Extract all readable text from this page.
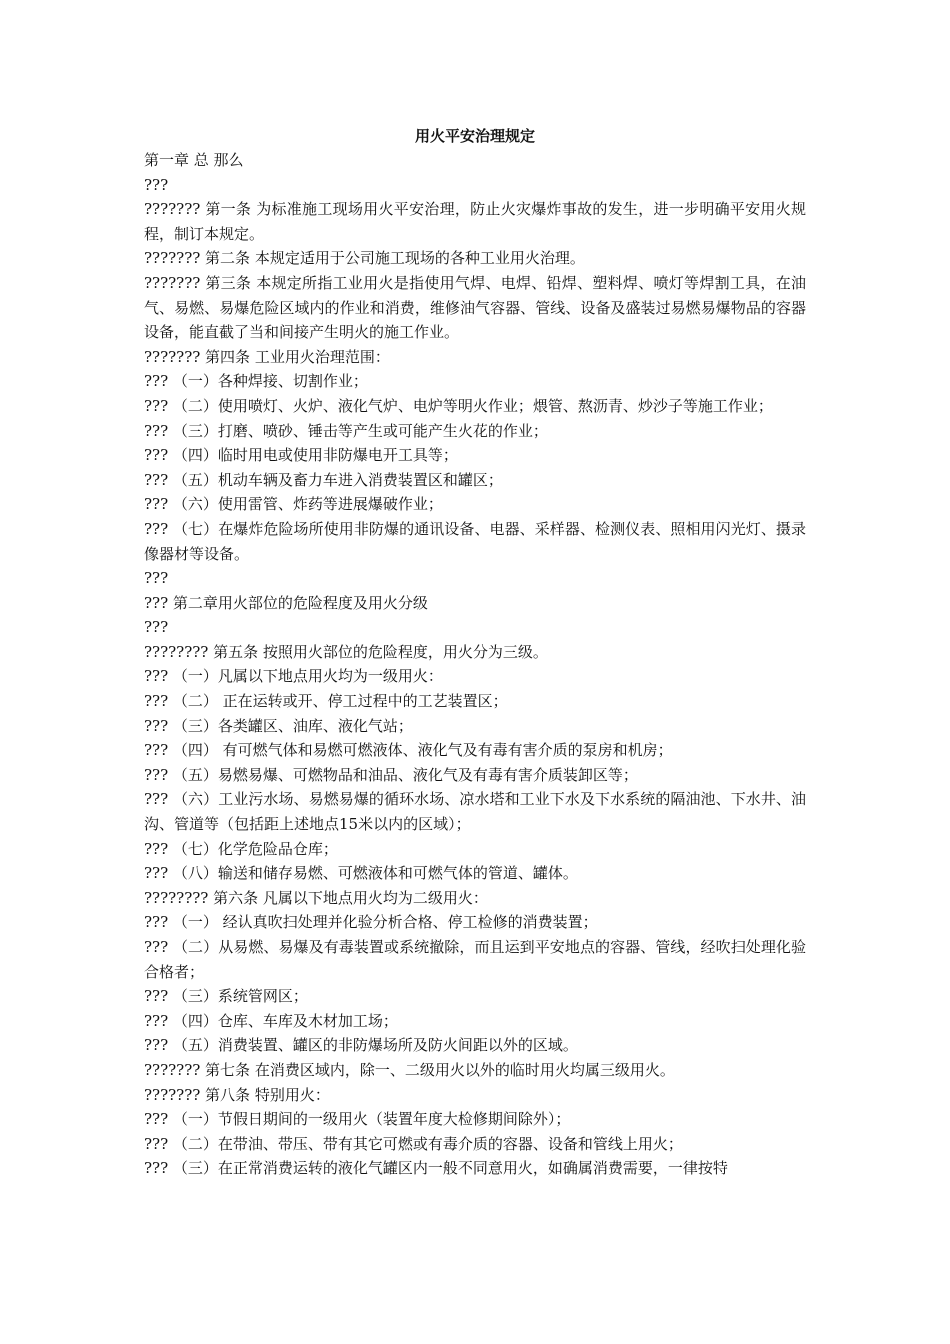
用火平安治理规定

第一章 总 那么

???

??????? 第一条 为标准施工现场用火平安治理，防止火灾爆炸事故的发生，进一步明确平安用火规程，制订本规定。

??????? 第二条 本规定适用于公司施工现场的各种工业用火治理。

??????? 第三条 本规定所指工业用火是指使用气焊、电焊、铅焊、塑料焊、喷灯等焊割工具，在油气、易燃、易爆危险区域内的作业和消费，维修油气容器、管线、设备及盛装过易燃易爆物品的容器设备，能直截了当和间接产生明火的施工作业。

??????? 第四条 工业用火治理范围：

??? （一）各种焊接、切割作业；

??? （二）使用喷灯、火炉、液化气炉、电炉等明火作业；煨管、熬沥青、炒沙子等施工作业；

??? （三）打磨、喷砂、锤击等产生或可能产生火花的作业；

??? （四）临时用电或使用非防爆电开工具等；

??? （五）机动车辆及畜力车进入消费装置区和罐区；

??? （六）使用雷管、炸药等进展爆破作业；

??? （七）在爆炸危险场所使用非防爆的通讯设备、电器、采样器、检测仪表、照相用闪光灯、摄录像器材等设备。

???

??? 第二章用火部位的危险程度及用火分级

???

???????? 第五条 按照用火部位的危险程度，用火分为三级。

??? （一）凡属以下地点用火均为一级用火：

??? （二） 正在运转或开、停工过程中的工艺装置区；

??? （三）各类罐区、油库、液化气站；

??? （四） 有可燃气体和易燃可燃液体、液化气及有毒有害介质的泵房和机房；

??? （五）易燃易爆、可燃物品和油品、液化气及有毒有害介质装卸区等；

??? （六）工业污水场、易燃易爆的循环水场、凉水塔和工业下水及下水系统的隔油池、下水井、油沟、管道等（包括距上述地点15米以内的区域）；

??? （七）化学危险品仓库；

??? （八）输送和储存易燃、可燃液体和可燃气体的管道、罐体。

???????? 第六条 凡属以下地点用火均为二级用火：

??? （一） 经认真吹扫处理并化验分析合格、停工检修的消费装置；

??? （二）从易燃、易爆及有毒装置或系统撤除，而且运到平安地点的容器、管线，经吹扫处理化验合格者；

??? （三）系统管网区；

??? （四）仓库、车库及木材加工场；

??? （五）消费装置、罐区的非防爆场所及防火间距以外的区域。

??????? 第七条 在消费区域内，除一、二级用火以外的临时用火均属三级用火。

??????? 第八条 特别用火：

??? （一）节假日期间的一级用火（装置年度大检修期间除外）；

??? （二）在带油、带压、带有其它可燃或有毒介质的容器、设备和管线上用火；

??? （三）在正常消费运转的液化气罐区内一般不同意用火，如确属消费需要，一律按特
